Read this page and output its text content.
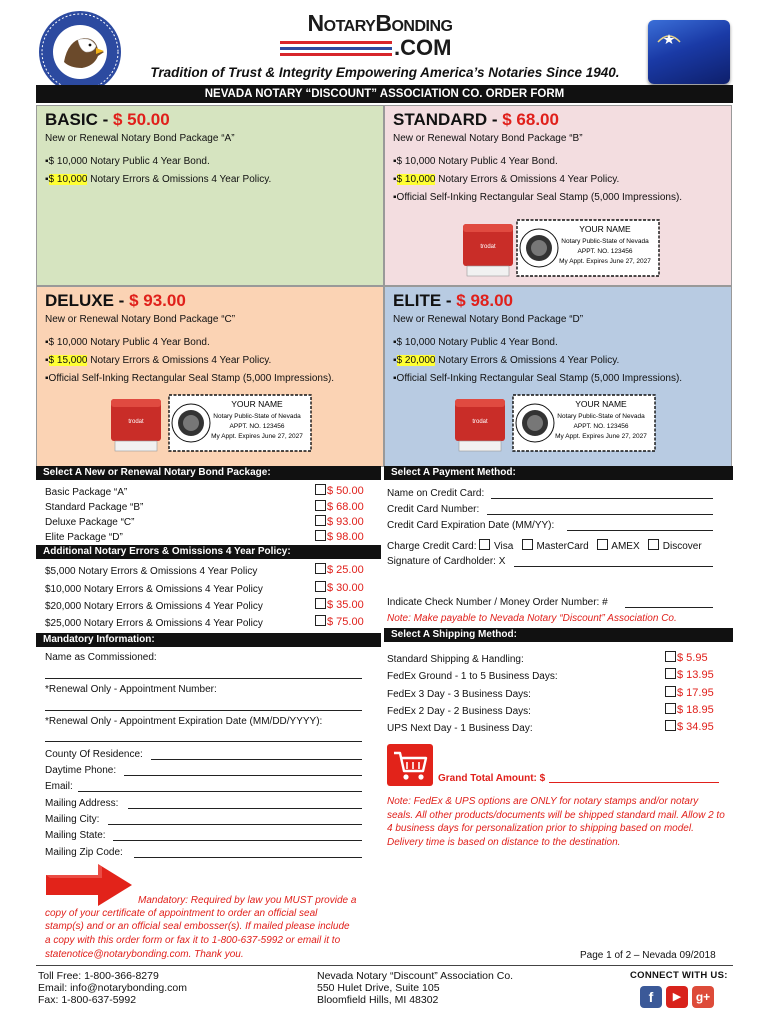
NotaryBonding
.COM
Tradition of Trust & Integrity Empowering America’s Notaries Since 1940.
NEVADA NOTARY “DISCOUNT” ASSOCIATION CO. ORDER FORM
BASIC - $ 50.00
New or Renewal Notary Bond Package “A”
▪$ 10,000 Notary Public 4 Year Bond.
▪$ 10,000 Notary Errors & Omissions 4 Year Policy.
STANDARD - $ 68.00
New or Renewal Notary Bond Package “B”
▪$ 10,000 Notary Public 4 Year Bond.
▪$ 10,000 Notary Errors & Omissions 4 Year Policy.
▪Official Self-Inking Rectangular Seal Stamp (5,000 Impressions).
trodat
YOUR NAME
Notary Public-State of Nevada
APPT. NO. 123456
My Appt. Expires June 27, 2027
DELUXE - $ 93.00
New or Renewal Notary Bond Package “C”
▪$ 10,000 Notary Public 4 Year Bond.
▪$ 15,000 Notary Errors & Omissions 4 Year Policy.
▪Official Self-Inking Rectangular Seal Stamp (5,000 Impressions).
trodat
YOUR NAME
Notary Public-State of Nevada
APPT. NO. 123456
My Appt. Expires June 27, 2027
ELITE - $ 98.00
New or Renewal Notary Bond Package “D”
▪$ 10,000 Notary Public 4 Year Bond.
▪$ 20,000 Notary Errors & Omissions 4 Year Policy.
▪Official Self-Inking Rectangular Seal Stamp (5,000 Impressions).
trodat
YOUR NAME
Notary Public-State of Nevada
APPT. NO. 123456
My Appt. Expires June 27, 2027
Select A New or Renewal Notary Bond Package:
Basic Package “A”	$ 50.00
Standard Package “B”	$ 68.00
Deluxe Package “C”	$ 93.00
Elite Package “D”	$ 98.00
Additional Notary Errors & Omissions 4 Year Policy:
$5,000 Notary Errors & Omissions 4 Year Policy	$ 25.00
$10,000 Notary Errors & Omissions 4 Year Policy	$ 30.00
$20,000 Notary Errors & Omissions 4 Year Policy	$ 35.00
$25,000 Notary Errors & Omissions 4 Year Policy	$ 75.00
Mandatory Information:
Name as Commissioned:
*Renewal Only - Appointment Number:
*Renewal Only - Appointment Expiration Date (MM/DD/YYYY):
County Of Residence:
Daytime Phone:
Email:
Mailing Address:
Mailing City:
Mailing State:
Mailing Zip Code:
Mandatory: Required by law you MUST provide a
copy of your certificate of appointment to order an official seal
stamp(s) and or an official seal embosser(s). If mailed please include
a copy with this order form or fax it to 1-800-637-5992 or email it to
statenotice@notarybonding.com. Thank you.
Select A Payment Method:
Name on Credit Card:
Credit Card Number:
Credit Card Expiration Date (MM/YY):
Charge Credit Card: Visa MasterCard AMEX Discover
Signature of Cardholder: X
Indicate Check Number / Money Order Number: #
Note: Make payable to Nevada Notary “Discount” Association Co.
Select A Shipping Method:
Standard Shipping & Handling:	$ 5.95
FedEx Ground - 1 to 5 Business Days:	$ 13.95
FedEx 3 Day - 3 Business Days:	$ 17.95
FedEx 2 Day - 2 Business Days:	$ 18.95
UPS Next Day - 1 Business Day:	$ 34.95
Grand Total Amount: $
Note: FedEx & UPS options are ONLY for notary stamps and/or notary seals. All other products/documents will be shipped standard mail. Allow 2 to 4 business days for personalization prior to shipping based on model. Delivery time is based on distance to the destination.
Page 1 of 2 – Nevada 09/2018
Toll Free: 1-800-366-8279
Email: info@notarybonding.com
Fax: 1-800-637-5992
Nevada Notary “Discount” Association Co.
550 Hulet Drive, Suite 105
Bloomfield Hills, MI 48302
CONNECT WITH US:
f	▶	g+
